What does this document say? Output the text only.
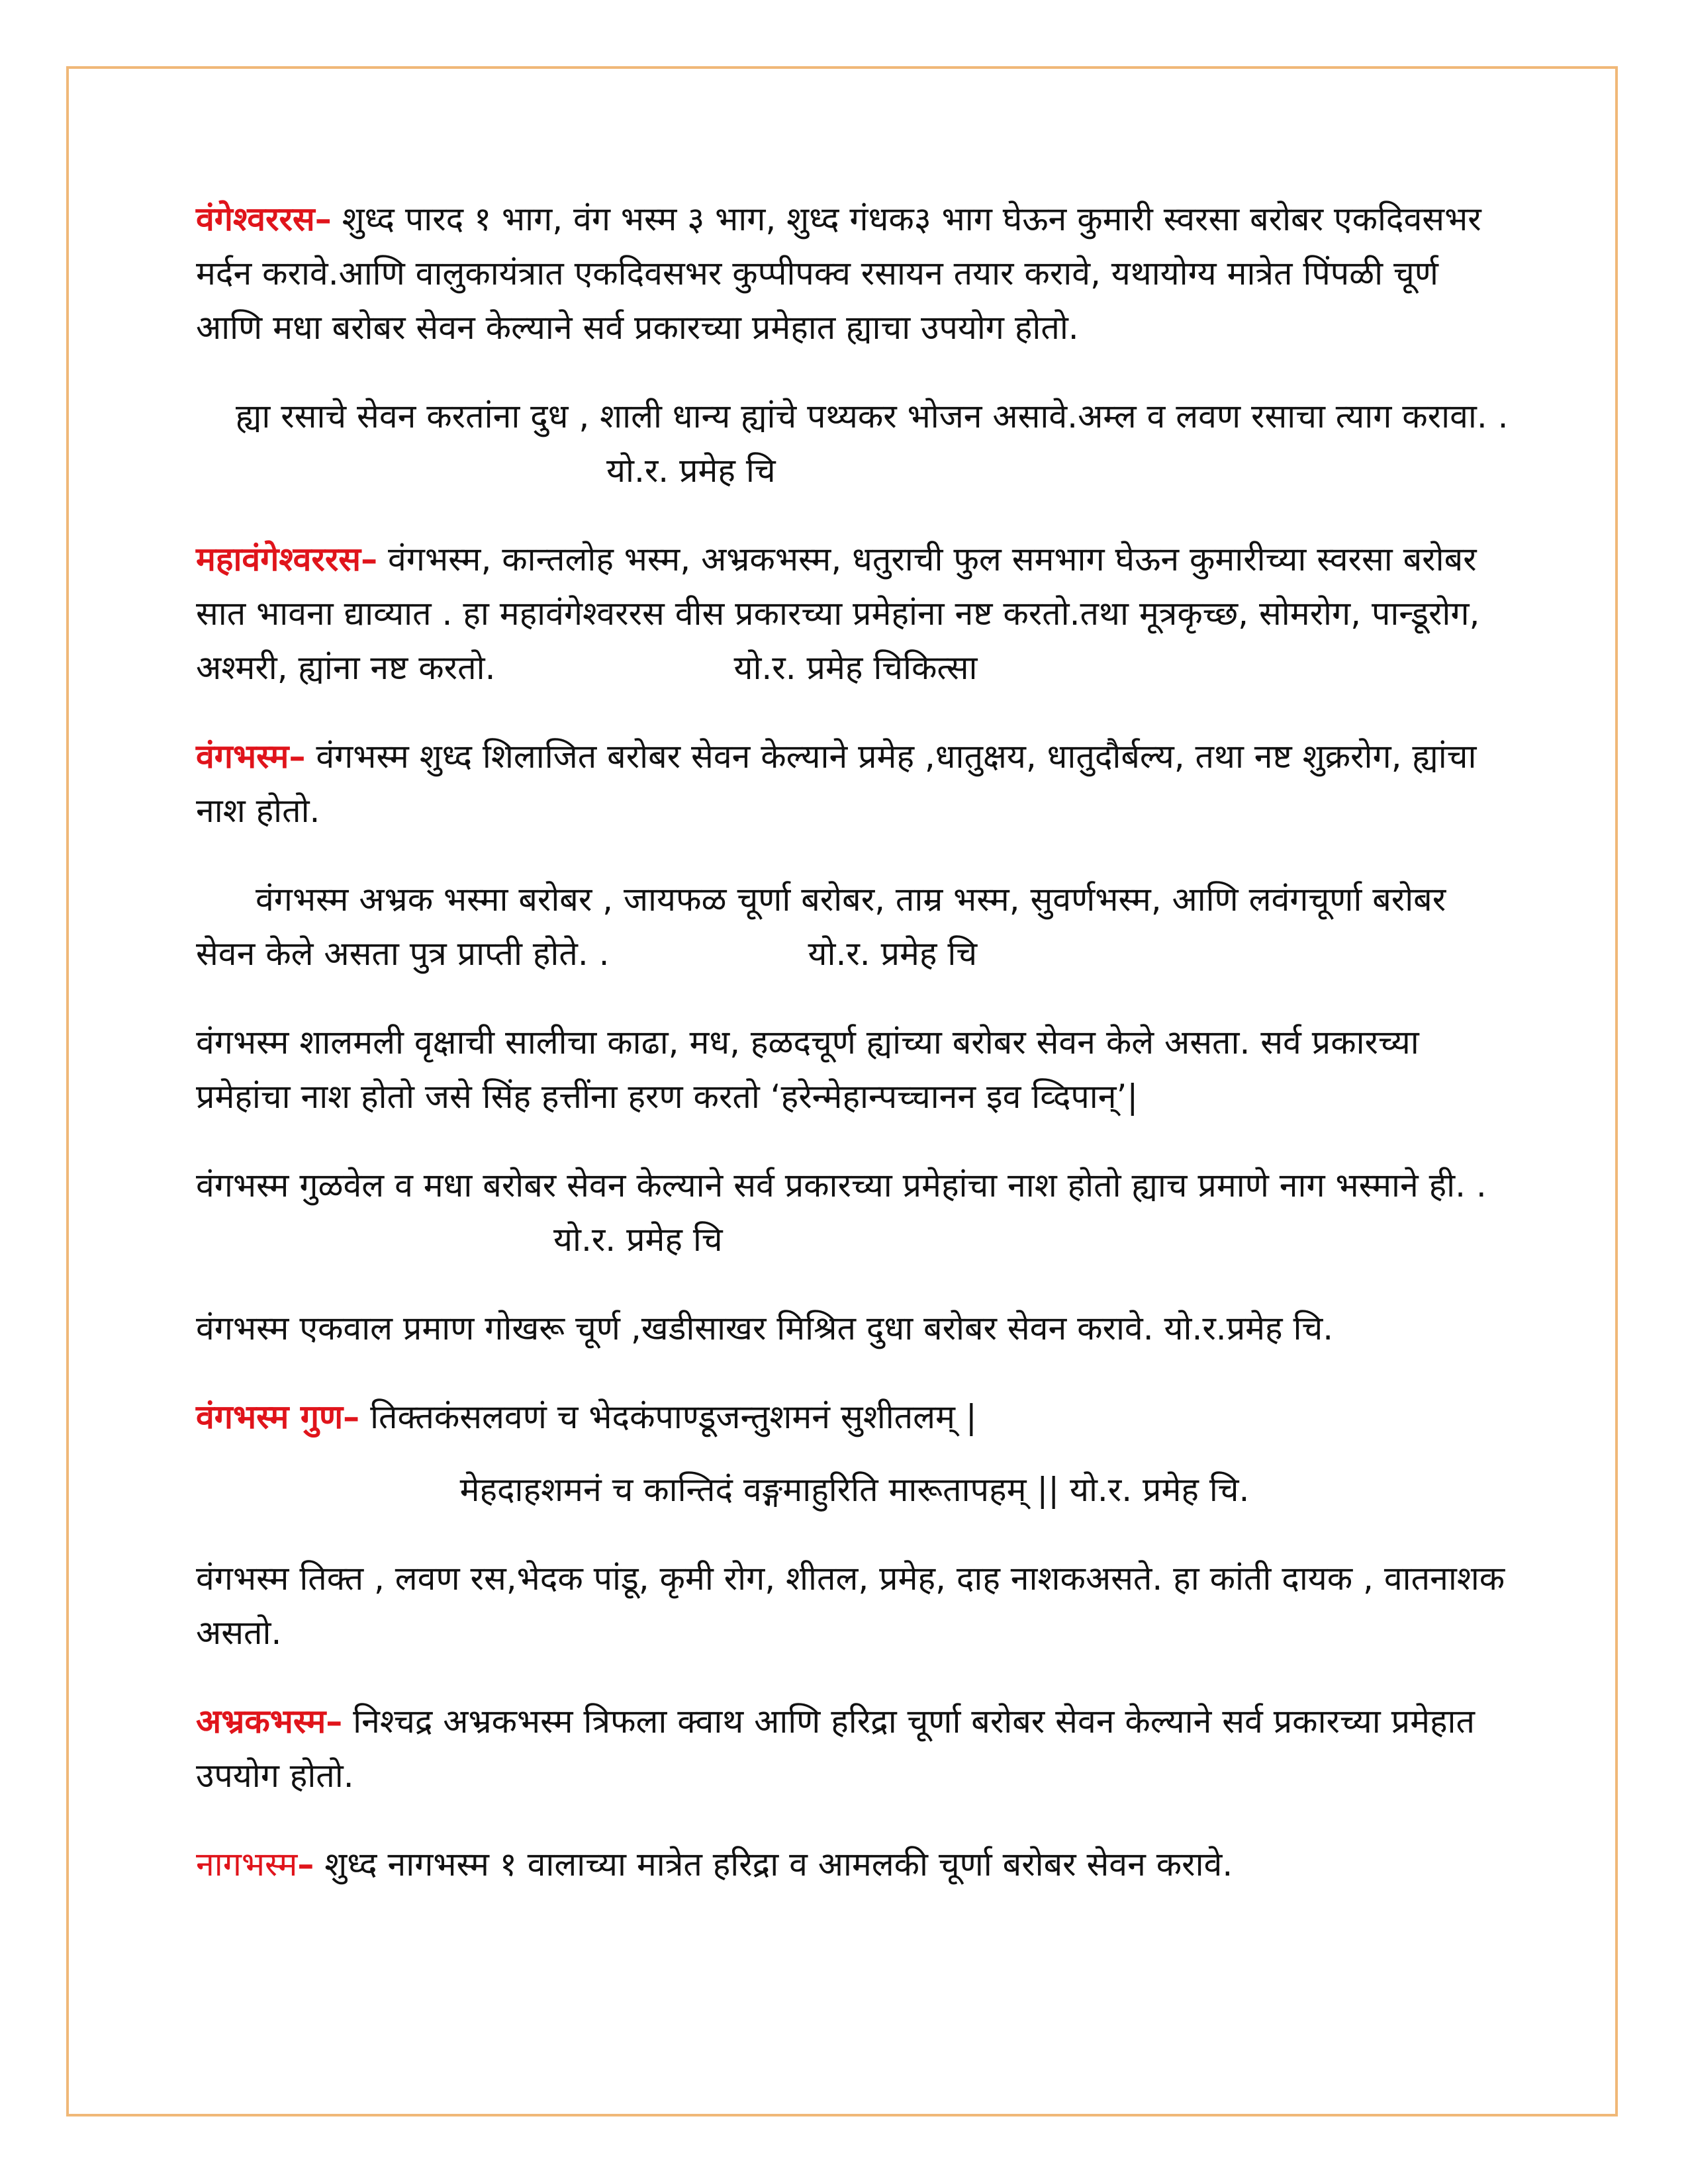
वंगेश्वररस– शुध्द पारद १ भाग, वंग भस्म ३ भाग, शुध्द गंधक३ भाग घेऊन कुमारी स्वरसा बरोबर एकदिवसभर मर्दन करावे.आणि वालुकायंत्रात एकदिवसभर कुप्पीपक्व रसायन तयार करावे, यथायोग्य मात्रेत पिंपळी चूर्ण आणि मधा बरोबर सेवन केल्याने सर्व प्रकारच्या प्रमेहात ह्याचा उपयोग होतो.

ह्या रसाचे सेवन करतांना दुध , शाली धान्य ह्यांचे पथ्यकर भोजन असावे.अम्ल व लवण रसाचा त्याग करावा. .यो.र. प्रमेह चि

महावंगेश्वररस– वंगभस्म, कान्तलोह भस्म, अभ्रकभस्म, धतुराची फुल समभाग घेऊन कुमारीच्या स्वरसा बरोबर सात भावना द्याव्यात . हा महावंगेश्वररस वीस प्रकारच्या प्रमेहांना नष्ट करतो.तथा मूत्रकृच्छ, सोमरोग, पान्डूरोग, अश्मरी, ह्यांना नष्ट करतो.	यो.र. प्रमेह चिकित्सा

वंगभस्म– वंगभस्म शुध्द शिलाजित बरोबर सेवन केल्याने प्रमेह ,धातुक्षय, धातुदौर्बल्य, तथा नष्ट शुक्ररोग, ह्यांचा नाश होतो.

वंगभस्म अभ्रक भस्मा बरोबर , जायफळ चूर्णा बरोबर, ताम्र भस्म, सुवर्णभस्म, आणि लवंगचूर्णा बरोबर सेवन केले असता पुत्र प्राप्ती होते. .	यो.र. प्रमेह चि

वंगभस्म शालमली वृक्षाची सालीचा काढा, मध, हळदचूर्ण ह्यांच्या बरोबर सेवन केले असता. सर्व प्रकारच्या प्रमेहांचा नाश होतो जसे सिंह हत्तींना हरण करतो ‘हरेन्मेहान्पच्चानन इव व्दिपान्’|

वंगभस्म गुळवेल व मधा बरोबर सेवन केल्याने सर्व प्रकारच्या प्रमेहांचा नाश होतो ह्याच प्रमाणे नाग भस्माने ही. .यो.र. प्रमेह चि

वंगभस्म एकवाल प्रमाण गोखरू चूर्ण ,खडीसाखर मिश्रित दुधा बरोबर सेवन करावे. यो.र.प्रमेह चि.

वंगभस्म गुण– तिक्तकंसलवणं च भेदकंपाण्डूजन्तुशमनं सुशीतलम् |

मेहदाहशमनं च कान्तिदं वङ्गमाहुरिति मारूतापहम् || यो.र. प्रमेह चि.

वंगभस्म तिक्त , लवण रस,भेदक पांडू, कृमी रोग, शीतल, प्रमेह, दाह नाशकअसते. हा कांती दायक , वातनाशक असतो.

अभ्रकभस्म– निश्चद्र अभ्रकभस्म त्रिफला क्वाथ आणि हरिद्रा चूर्णा बरोबर सेवन केल्याने सर्व प्रकारच्या प्रमेहात उपयोग होतो.

नागभस्म– शुध्द नागभस्म १ वालाच्या मात्रेत हरिद्रा व आमलकी चूर्णा बरोबर सेवन करावे.
